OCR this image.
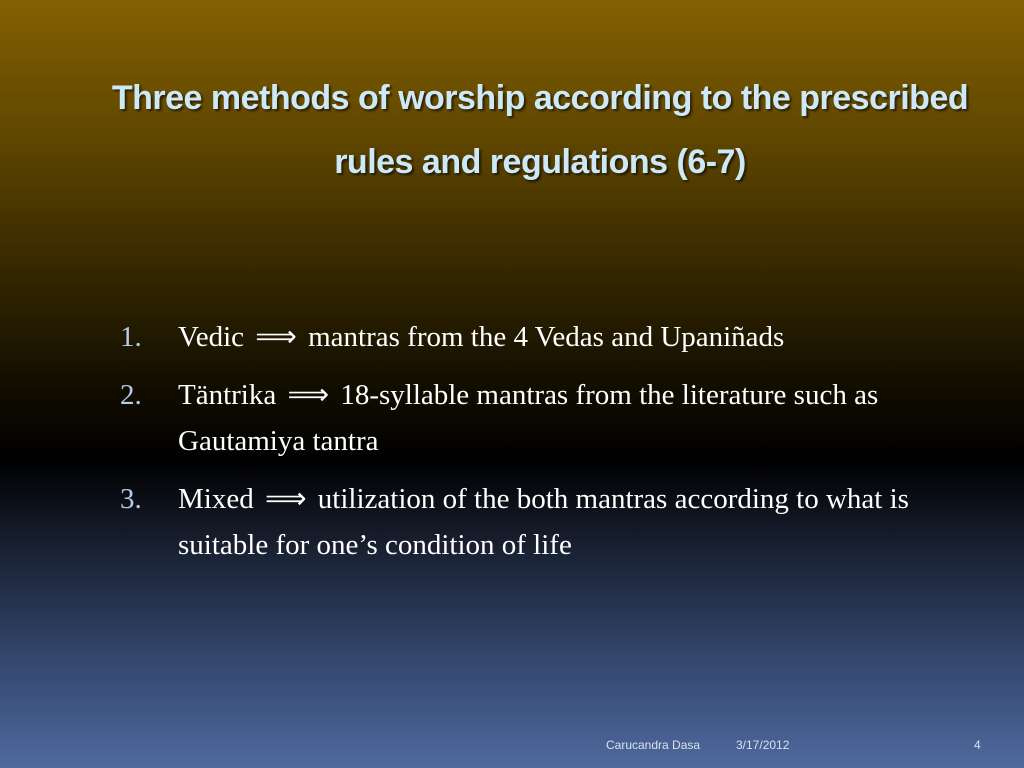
Three methods of worship according to the prescribed rules and regulations (6-7)
1. Vedic ⟹ mantras from the 4 Vedas and Upaniñads
2. Täntrika ⟹ 18-syllable mantras from the literature such as Gautamiya tantra
3. Mixed ⟹ utilization of the both mantras according to what is suitable for one’s condition of life
Carucandra Dasa	3/17/2012	4
